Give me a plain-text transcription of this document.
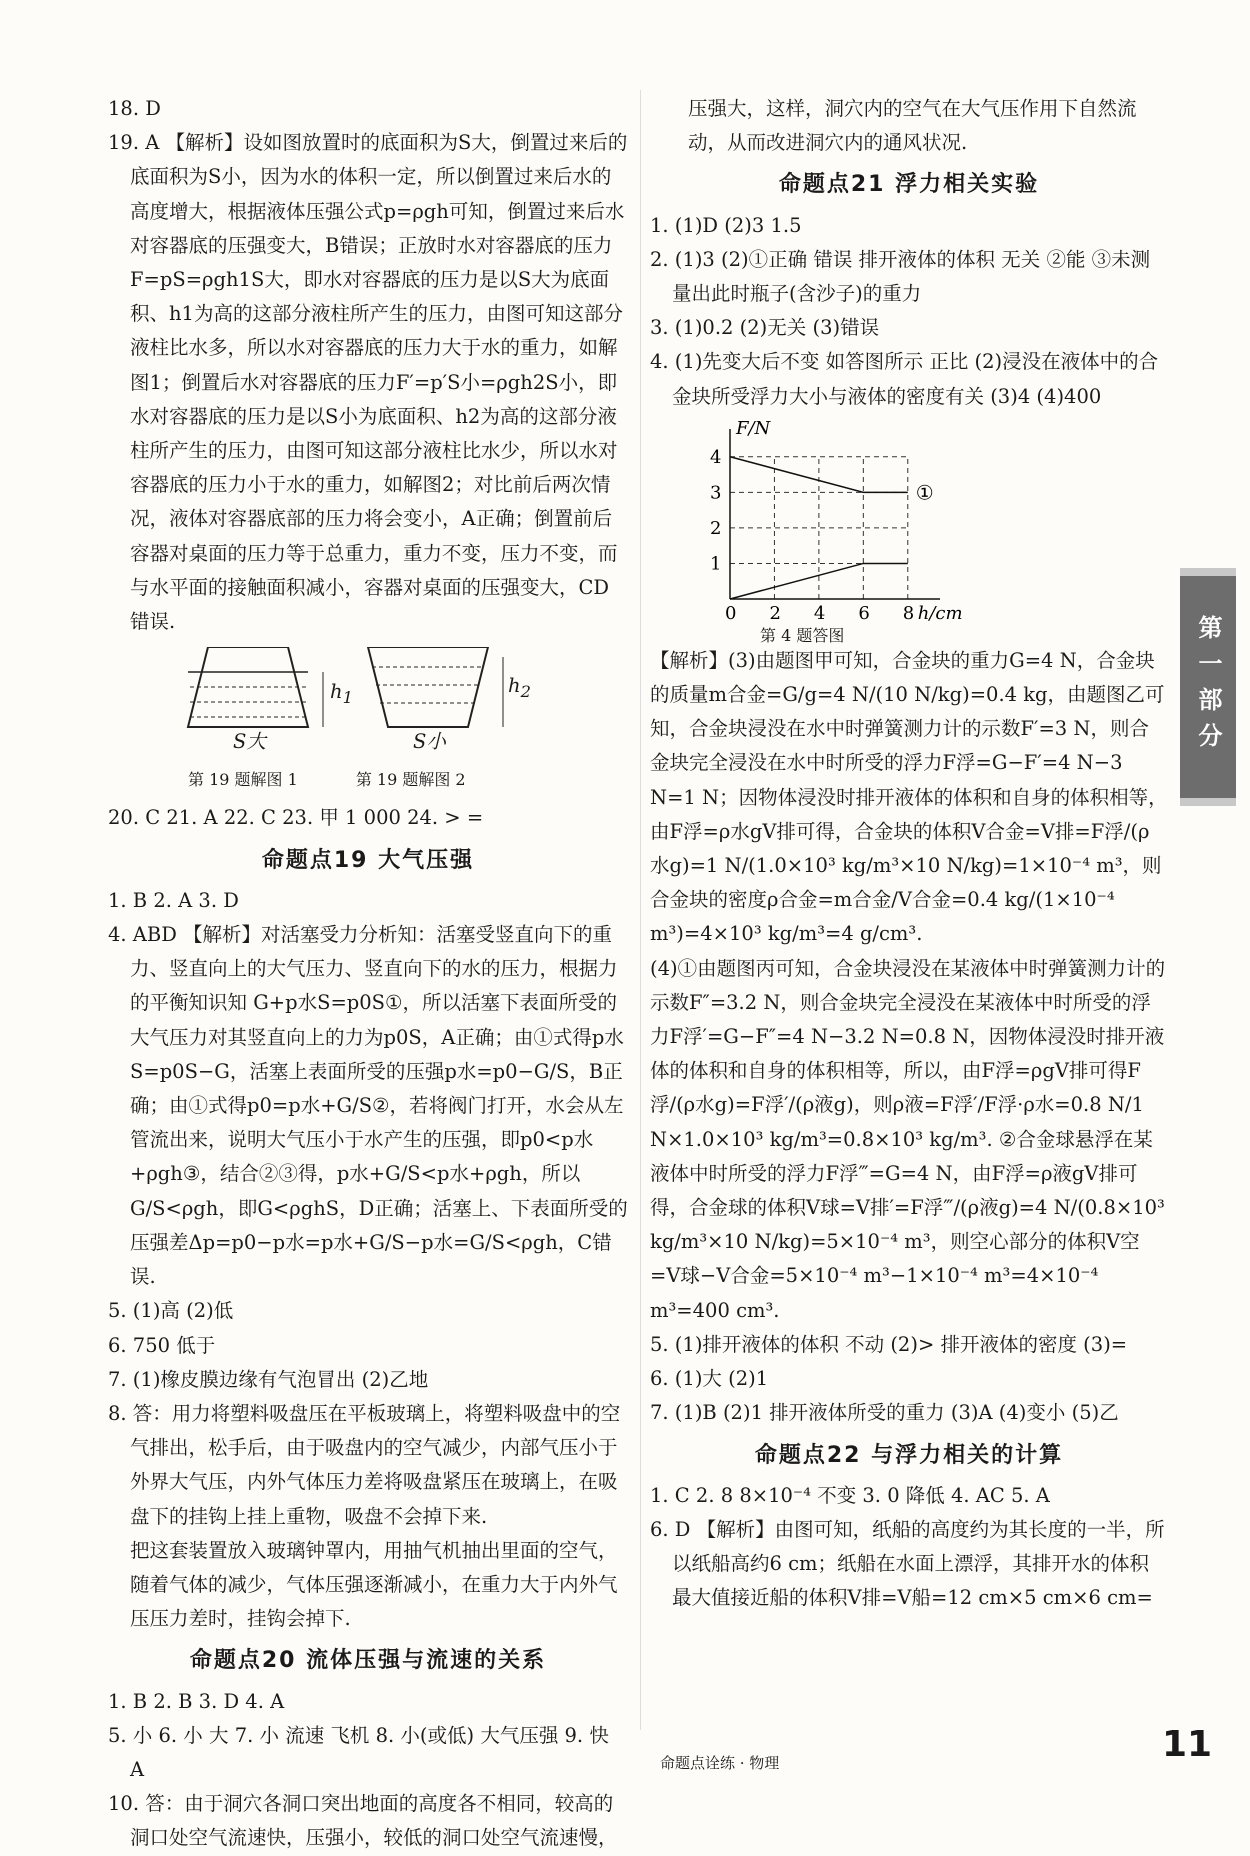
18. D

19. A 【解析】设如图放置时的底面积为S大，倒置过来后的底面积为S小，因为水的体积一定，所以倒置过来后水的高度增大，根据液体压强公式p=ρgh可知，倒置过来后水对容器底的压强变大，B错误；正放时水对容器底的压力F=pS=ρgh1S大，即水对容器底的压力是以S大为底面积、h1为高的这部分液柱所产生的压力，由图可知这部分液柱比水多，所以水对容器底的压力大于水的重力，如解图1；倒置后水对容器底的压力F′=p′S小=ρgh2S小，即水对容器底的压力是以S小为底面积、h2为高的这部分液柱所产生的压力，由图可知这部分液柱比水少，所以水对容器底的压力小于水的重力，如解图2；对比前后两次情况，液体对容器底部的压力将会变小，A正确；倒置前后容器对桌面的压力等于总重力，重力不变，压力不变，而与水平面的接触面积减小，容器对桌面的压强变大，CD错误.

$h_1$
S大
$h_2$
S小
第 19 题解图 1	第 19 题解图 2

20. C 21. A 22. C 23. 甲 1 000 24. > =

命题点19 大气压强

1. B 2. A 3. D

4. ABD 【解析】对活塞受力分析知：活塞受竖直向下的重力、竖直向上的大气压力、竖直向下的水的压力，根据力的平衡知识知 G+p水S=p0S①，所以活塞下表面所受的大气压力对其竖直向上的力为p0S，A正确；由①式得p水S=p0S−G，活塞上表面所受的压强p水=p0−G/S，B正确；由①式得p0=p水+G/S②，若将阀门打开，水会从左管流出来，说明大气压小于水产生的压强，即p0<p水+ρgh③，结合②③得，p水+G/S<p水+ρgh，所以G/S<ρgh，即G<ρghS，D正确；活塞上、下表面所受的压强差Δp=p0−p水=p水+G/S−p水=G/S<ρgh，C错误.

5. (1)高 (2)低

6. 750 低于

7. (1)橡皮膜边缘有气泡冒出 (2)乙地

8. 答：用力将塑料吸盘压在平板玻璃上，将塑料吸盘中的空气排出，松手后，由于吸盘内的空气减少，内部气压小于外界大气压，内外气体压力差将吸盘紧压在玻璃上，在吸盘下的挂钩上挂上重物，吸盘不会掉下来.

把这套装置放入玻璃钟罩内，用抽气机抽出里面的空气，随着气体的减少，气体压强逐渐减小，在重力大于内外气压压力差时，挂钩会掉下.

命题点20 流体压强与流速的关系

1. B 2. B 3. D 4. A

5. 小 6. 小 大 7. 小 流速 飞机 8. 小(或低) 大气压强 9. 快 A

10. 答：由于洞穴各洞口突出地面的高度各不相同，较高的洞口处空气流速快，压强小，较低的洞口处空气流速慢，

压强大，这样，洞穴内的空气在大气压作用下自然流动，从而改进洞穴内的通风状况.

命题点21 浮力相关实验

1. (1)D (2)3 1.5

2. (1)3 (2)①正确 错误 排开液体的体积 无关 ②能 ③未测量出此时瓶子(含沙子)的重力

3. (1)0.2 (2)无关 (3)错误

4. (1)先变大后不变 如答图所示 正比 (2)浸没在液体中的合金块所受浮力大小与液体的密度有关 (3)4 (4)400

0 2 4 6 8
1
2
3
4
F/N
h/cm
①
第 4 题答图

【解析】(3)由题图甲可知，合金块的重力G=4 N，合金块的质量m合金=G/g=4 N/(10 N/kg)=0.4 kg，由题图乙可知，合金块浸没在水中时弹簧测力计的示数F′=3 N，则合金块完全浸没在水中时所受的浮力F浮=G−F′=4 N−3 N=1 N；因物体浸没时排开液体的体积和自身的体积相等，由F浮=ρ水gV排可得，合金块的体积V合金=V排=F浮/(ρ水g)=1 N/(1.0×10³ kg/m³×10 N/kg)=1×10⁻⁴ m³，则合金块的密度ρ合金=m合金/V合金=0.4 kg/(1×10⁻⁴ m³)=4×10³ kg/m³=4 g/cm³.

(4)①由题图丙可知，合金块浸没在某液体中时弹簧测力计的示数F″=3.2 N，则合金块完全浸没在某液体中时所受的浮力F浮′=G−F″=4 N−3.2 N=0.8 N，因物体浸没时排开液体的体积和自身的体积相等，所以，由F浮=ρgV排可得F浮/(ρ水g)=F浮′/(ρ液g)，则ρ液=F浮′/F浮·ρ水=0.8 N/1 N×1.0×10³ kg/m³=0.8×10³ kg/m³. ②合金球悬浮在某液体中时所受的浮力F浮‴=G=4 N，由F浮=ρ液gV排可得，合金球的体积V球=V排′=F浮‴/(ρ液g)=4 N/(0.8×10³ kg/m³×10 N/kg)=5×10⁻⁴ m³，则空心部分的体积V空=V球−V合金=5×10⁻⁴ m³−1×10⁻⁴ m³=4×10⁻⁴ m³=400 cm³.

5. (1)排开液体的体积 不动 (2)> 排开液体的密度 (3)=

6. (1)大 (2)1

7. (1)B (2)1 排开液体所受的重力 (3)A (4)变小 (5)乙

命题点22 与浮力相关的计算

1. C 2. 8 8×10⁻⁴ 不变 3. 0 降低 4. AC 5. A

6. D 【解析】由图可知，纸船的高度约为其长度的一半，所以纸船高约6 cm；纸船在水面上漂浮，其排开水的体积最大值接近船的体积V排=V船=12 cm×5 cm×6 cm=

第一部分
命题点诠练 · 物理	11
